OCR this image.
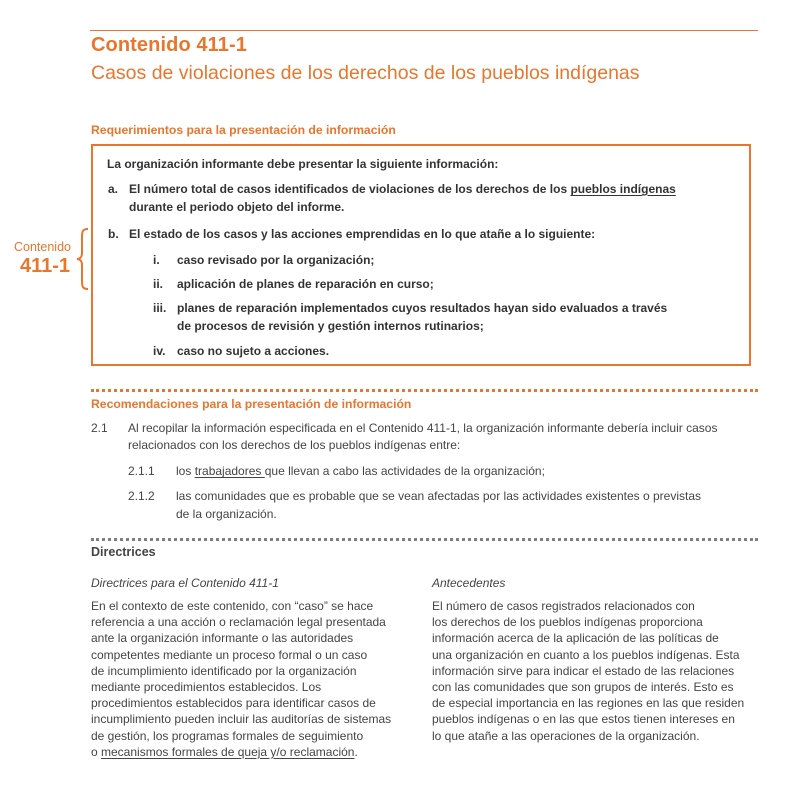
Contenido 411-1
Casos de violaciones de los derechos de los pueblos indígenas
Contenido
411-1
Requerimientos para la presentación de información
La organización informante debe presentar la siguiente información:
a. El número total de casos identificados de violaciones de los derechos de los pueblos indígenas
durante el periodo objeto del informe.
b. El estado de los casos y las acciones emprendidas en lo que atañe a lo siguiente:
i. caso revisado por la organización;
ii. aplicación de planes de reparación en curso;
iii. planes de reparación implementados cuyos resultados hayan sido evaluados a través
de procesos de revisión y gestión internos rutinarios;
iv. caso no sujeto a acciones.
Recomendaciones para la presentación de información
2.1 Al recopilar la información especificada en el Contenido 411-1, la organización informante debería incluir casos
relacionados con los derechos de los pueblos indígenas entre:
2.1.1 los trabajadores que llevan a cabo las actividades de la organización;
2.1.2 las comunidades que es probable que se vean afectadas por las actividades existentes o previstas
de la organización.
Directrices
Directrices para el Contenido 411-1
En el contexto de este contenido, con “caso” se hace
referencia a una acción o reclamación legal presentada
ante la organización informante o las autoridades
competentes mediante un proceso formal o un caso
de incumplimiento identificado por la organización
mediante procedimientos establecidos. Los
procedimientos establecidos para identificar casos de
incumplimiento pueden incluir las auditorías de sistemas
de gestión, los programas formales de seguimiento
o mecanismos formales de queja y/o reclamación.
Antecedentes
El número de casos registrados relacionados con
los derechos de los pueblos indígenas proporciona
información acerca de la aplicación de las políticas de
una organización en cuanto a los pueblos indígenas. Esta
información sirve para indicar el estado de las relaciones
con las comunidades que son grupos de interés. Esto es
de especial importancia en las regiones en las que residen
pueblos indígenas o en las que estos tienen intereses en
lo que atañe a las operaciones de la organización.
